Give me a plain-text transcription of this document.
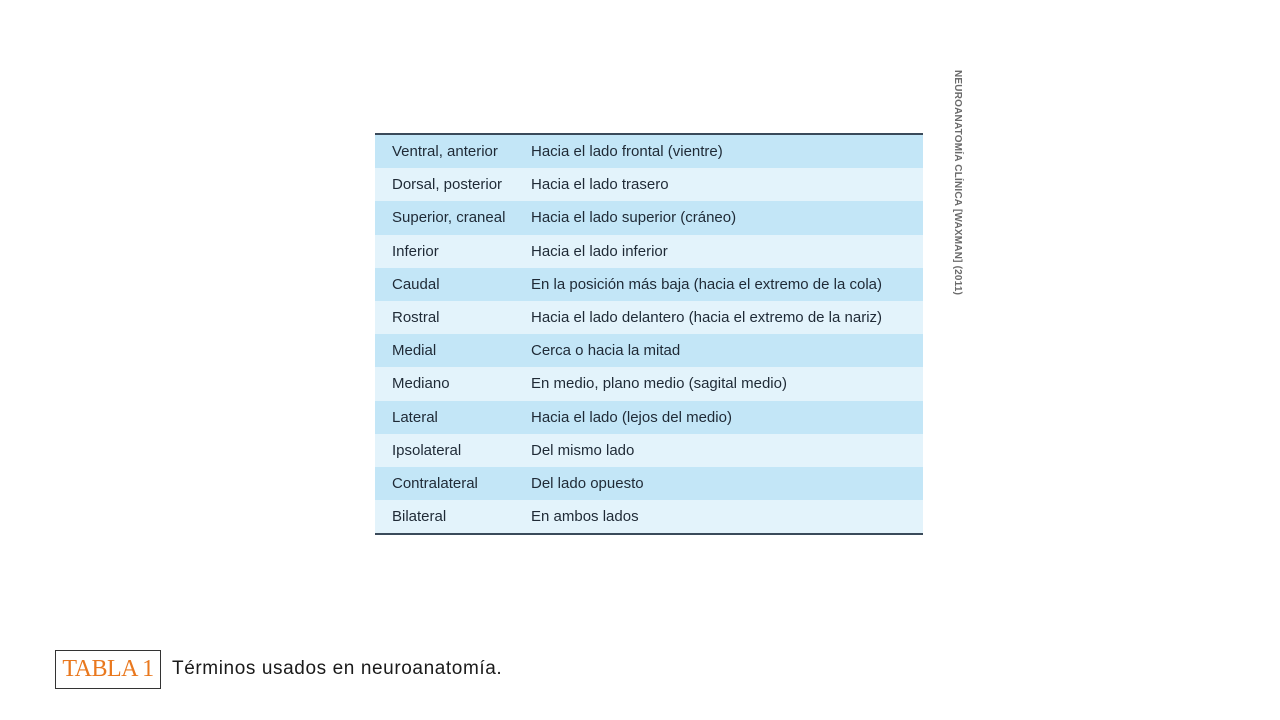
Ventral, anterior	Hacia el lado frontal (vientre)
Dorsal, posterior	Hacia el lado trasero
Superior, craneal	Hacia el lado superior (cráneo)
Inferior	Hacia el lado inferior
Caudal	En la posición más baja (hacia el extremo de la cola)
Rostral	Hacia el lado delantero (hacia el extremo de la nariz)
Medial	Cerca o hacia la mitad
Mediano	En medio, plano medio (sagital medio)
Lateral	Hacia el lado (lejos del medio)
Ipsolateral	Del mismo lado
Contralateral	Del lado opuesto
Bilateral	En ambos lados
NEUROANATOMÍA CLÍNICA [WAXMAN] (2011)
TABLA 1 Términos usados en neuroanatomía.
